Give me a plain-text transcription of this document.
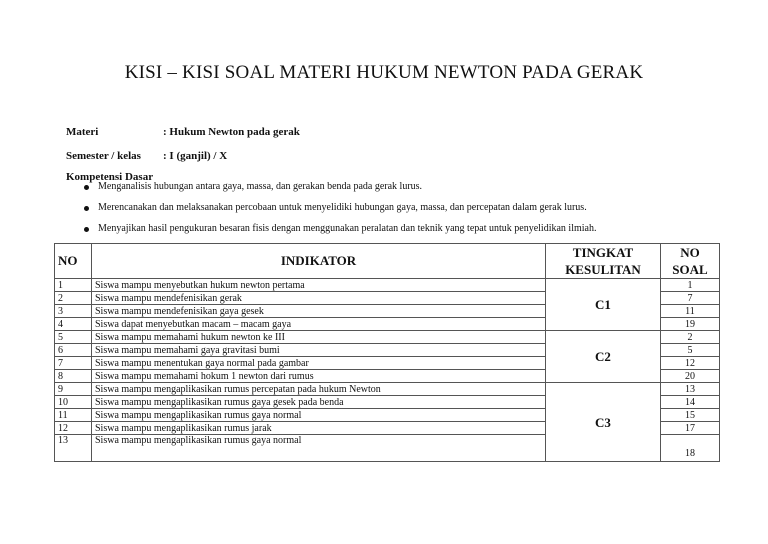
KISI – KISI SOAL MATERI HUKUM NEWTON PADA GERAK
Materi	: Hukum Newton pada gerak
Semester / kelas : I (ganjil) / X
Kompetensi Dasar
Menganalisis hubungan antara gaya, massa, dan gerakan benda pada gerak lurus.
Merencanakan dan melaksanakan percobaan untuk menyelidiki hubungan gaya, massa, dan percepatan dalam gerak lurus.
Menyajikan hasil pengukuran besaran fisis dengan menggunakan peralatan dan teknik yang tepat untuk penyelidikan ilmiah.
NO	INDIKATOR	TINGKAT KESULITAN	NO SOAL
1	Siswa mampu menyebutkan hukum newton pertama	C1	1
2	Siswa mampu mendefenisikan gerak		7
3	Siswa mampu mendefenisikan gaya gesek		11
4	Siswa dapat menyebutkan macam – macam gaya		19
5	Siswa mampu memahami hukum newton ke III	C2	2
6	Siswa mampu memahami gaya gravitasi bumi		5
7	Siswa mampu menentukan gaya normal pada gambar		12
8	Siswa mampu memahami hokum 1 newton dari rumus		20
9	Siswa mampu mengaplikasikan rumus percepatan pada hukum Newton	C3	13
10	Siswa mampu mengaplikasikan rumus gaya gesek pada benda		14
11	Siswa mampu mengaplikasikan rumus gaya normal		15
12	Siswa mampu mengaplikasikan rumus jarak		17
13	Siswa mampu mengaplikasikan rumus gaya normal		18
